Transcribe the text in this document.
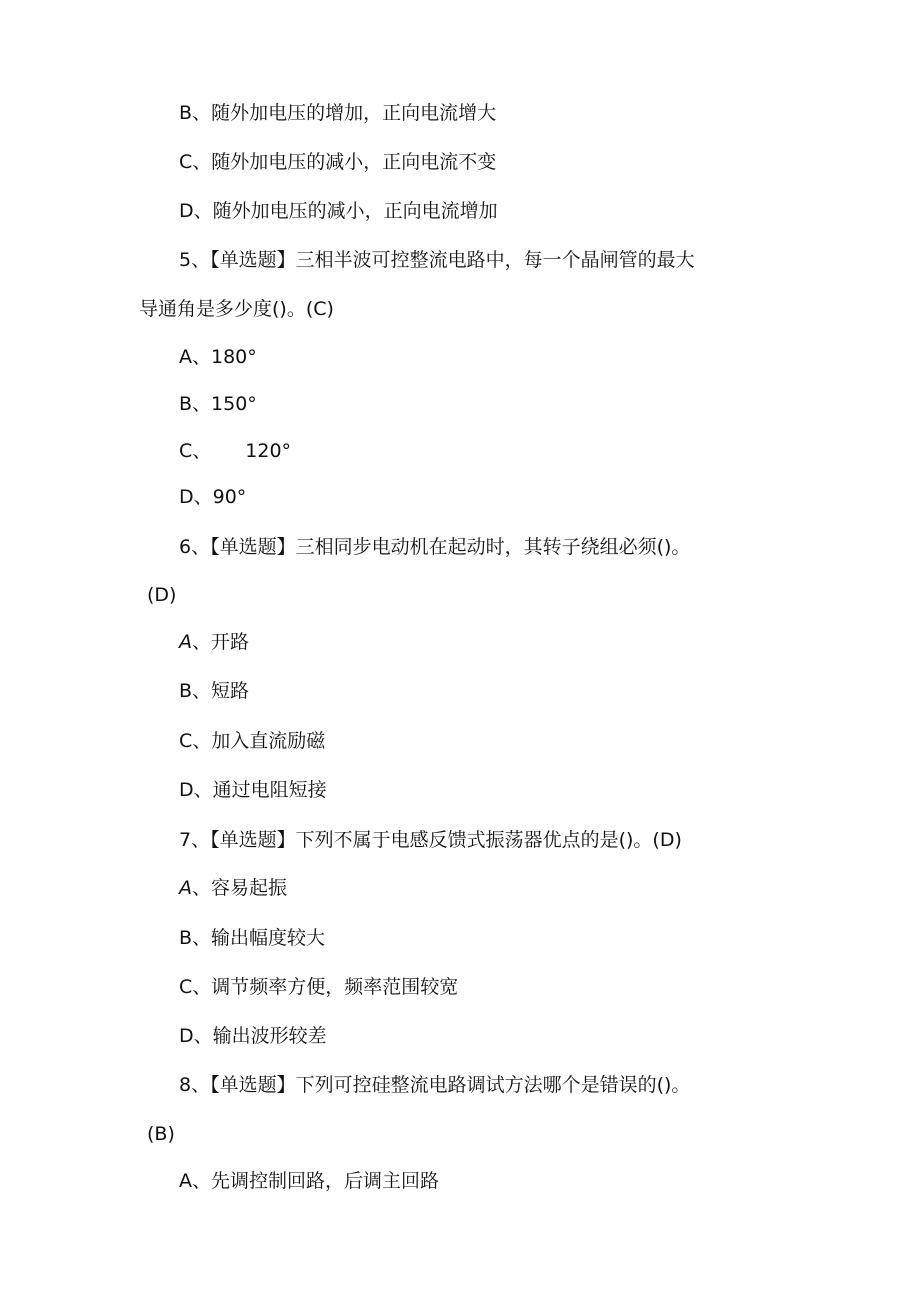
B、随外加电压的增加，正向电流增大
C、随外加电压的减小，正向电流不变
D、随外加电压的减小，正向电流增加
5、【单选题】三相半波可控整流电路中，每一个晶闸管的最大
导通角是多少度()。(C)
A、180°
B、150°
C、 120°
D、90°
6、【单选题】三相同步电动机在起动时，其转子绕组必须()。
(D)
A、开路
B、短路
C、加入直流励磁
D、通过电阻短接
7、【单选题】下列不属于电感反馈式振荡器优点的是()。(D)
A、容易起振
B、输出幅度较大
C、调节频率方便，频率范围较宽
D、输出波形较差
8、【单选题】下列可控硅整流电路调试方法哪个是错误的()。
(B)
A、先调控制回路，后调主回路
